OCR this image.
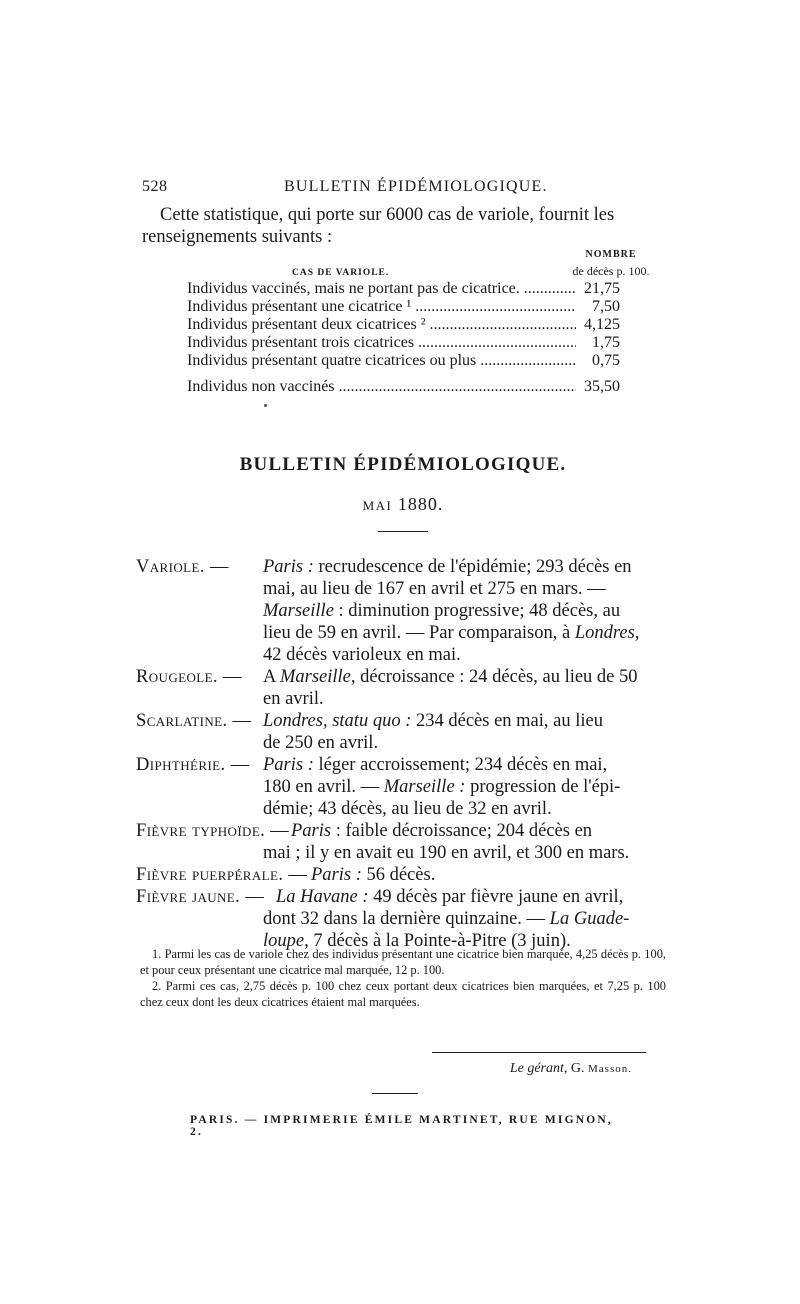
528	BULLETIN ÉPIDÉMIOLOGIQUE.
Cette statistique, qui porte sur 6000 cas de variole, fournit les
renseignements suivants :
CAS DE VARIOLE.
NOMBRE
de décès p. 100.
Individus vaccinés, mais ne portant pas de cicatrice. .....	21,75
Individus présentant une cicatrice ¹ .....	7,50
Individus présentant deux cicatrices ² .....	4,125
Individus présentant trois cicatrices .....	1,75
Individus présentant quatre cicatrices ou plus .....	0,75
Individus non vaccinés .....	35,50
BULLETIN ÉPIDÉMIOLOGIQUE.
MAI 1880.
Variole. —	Paris : recrudescence de l'épidémie; 293 décès en
mai, au lieu de 167 en avril et 275 en mars. —
Marseille : diminution progressive; 48 décès, au
lieu de 59 en avril. — Par comparaison, à Londres,
42 décès varioleux en mai.
Rougeole. —	A Marseille, décroissance : 24 décès, au lieu de 50
en avril.
Scarlatine. — Londres, statu quo : 234 décès en mai, au lieu
de 250 en avril.
Diphthérie. — Paris : léger accroissement; 234 décès en mai,
180 en avril. — Marseille : progression de l'épi-
démie; 43 décès, au lieu de 32 en avril.
Fièvre typhoïde. — Paris : faible décroissance; 204 décès en
mai ; il y en avait eu 190 en avril, et 300 en mars.
Fièvre puerpérale. — Paris : 56 décès.
Fièvre jaune. — La Havane : 49 décès par fièvre jaune en avril,
dont 32 dans la dernière quinzaine. — La Guade-
loupe, 7 décès à la Pointe-à-Pitre (3 juin).
1. Parmi les cas de variole chez des individus présentant une cicatrice bien marquée, 4,25 décès p. 100, et pour ceux présentant une cicatrice mal marquée, 12 p. 100.
2. Parmi ces cas, 2,75 décès p. 100 chez ceux portant deux cicatrices bien marquées, et 7,25 p. 100 chez ceux dont les deux cicatrices étaient mal marquées.
Le gérant, G. Masson.
PARIS. — IMPRIMERIE ÉMILE MARTINET, RUE MIGNON, 2.
